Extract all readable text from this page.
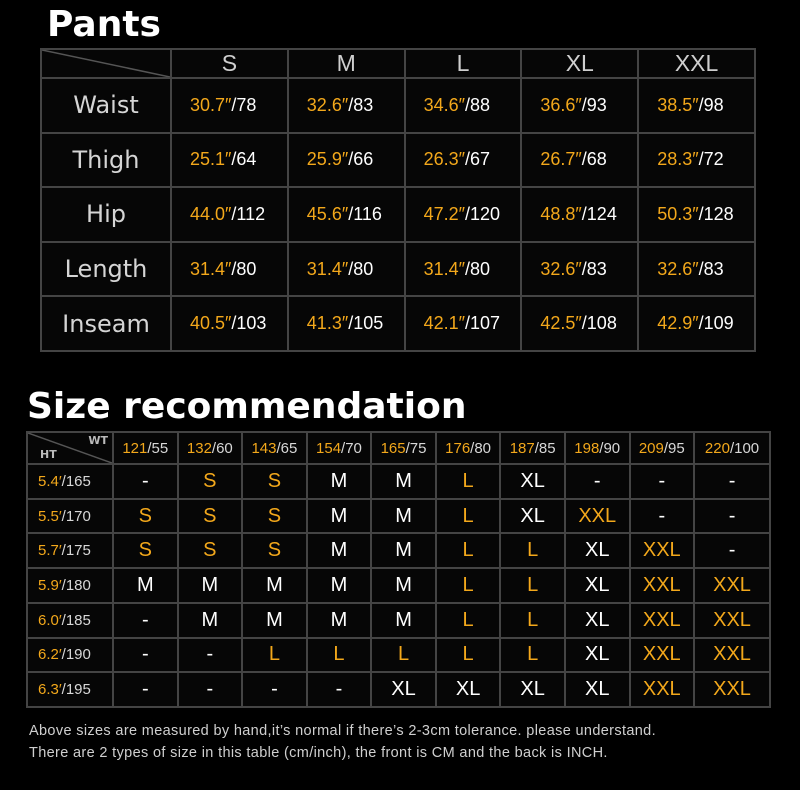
Pants
	S	M	L	XL	XXL
Waist	30.7″/78	32.6″/83	34.6″/88	36.6″/93	38.5″/98
Thigh	25.1″/64	25.9″/66	26.3″/67	26.7″/68	28.3″/72
Hip	44.0″/112	45.6″/116	47.2″/120	48.8″/124	50.3″/128
Length	31.4″/80	31.4″/80	31.4″/80	32.6″/83	32.6″/83
Inseam	40.5″/103	41.3″/105	42.1″/107	42.5″/108	42.9″/109
Size recommendation
WT
HT	121/55	132/60	143/65	154/70	165/75	176/80	187/85	198/90	209/95	220/100
5.4′/165	-	S	S	M	M	L	XL	-	-	-
5.5′/170	S	S	S	M	M	L	XL	XXL	-	-
5.7′/175	S	S	S	M	M	L	L	XL	XXL	-
5.9′/180	M	M	M	M	M	L	L	XL	XXL	XXL
6.0′/185	-	M	M	M	M	L	L	XL	XXL	XXL
6.2′/190	-	-	L	L	L	L	L	XL	XXL	XXL
6.3′/195	-	-	-	-	XL	XL	XL	XL	XXL	XXL

Above sizes are measured by hand,it’s normal if there’s 2-3cm tolerance. please understand.

There are 2 types of size in this table (cm/inch), the front is CM and the back is INCH.
